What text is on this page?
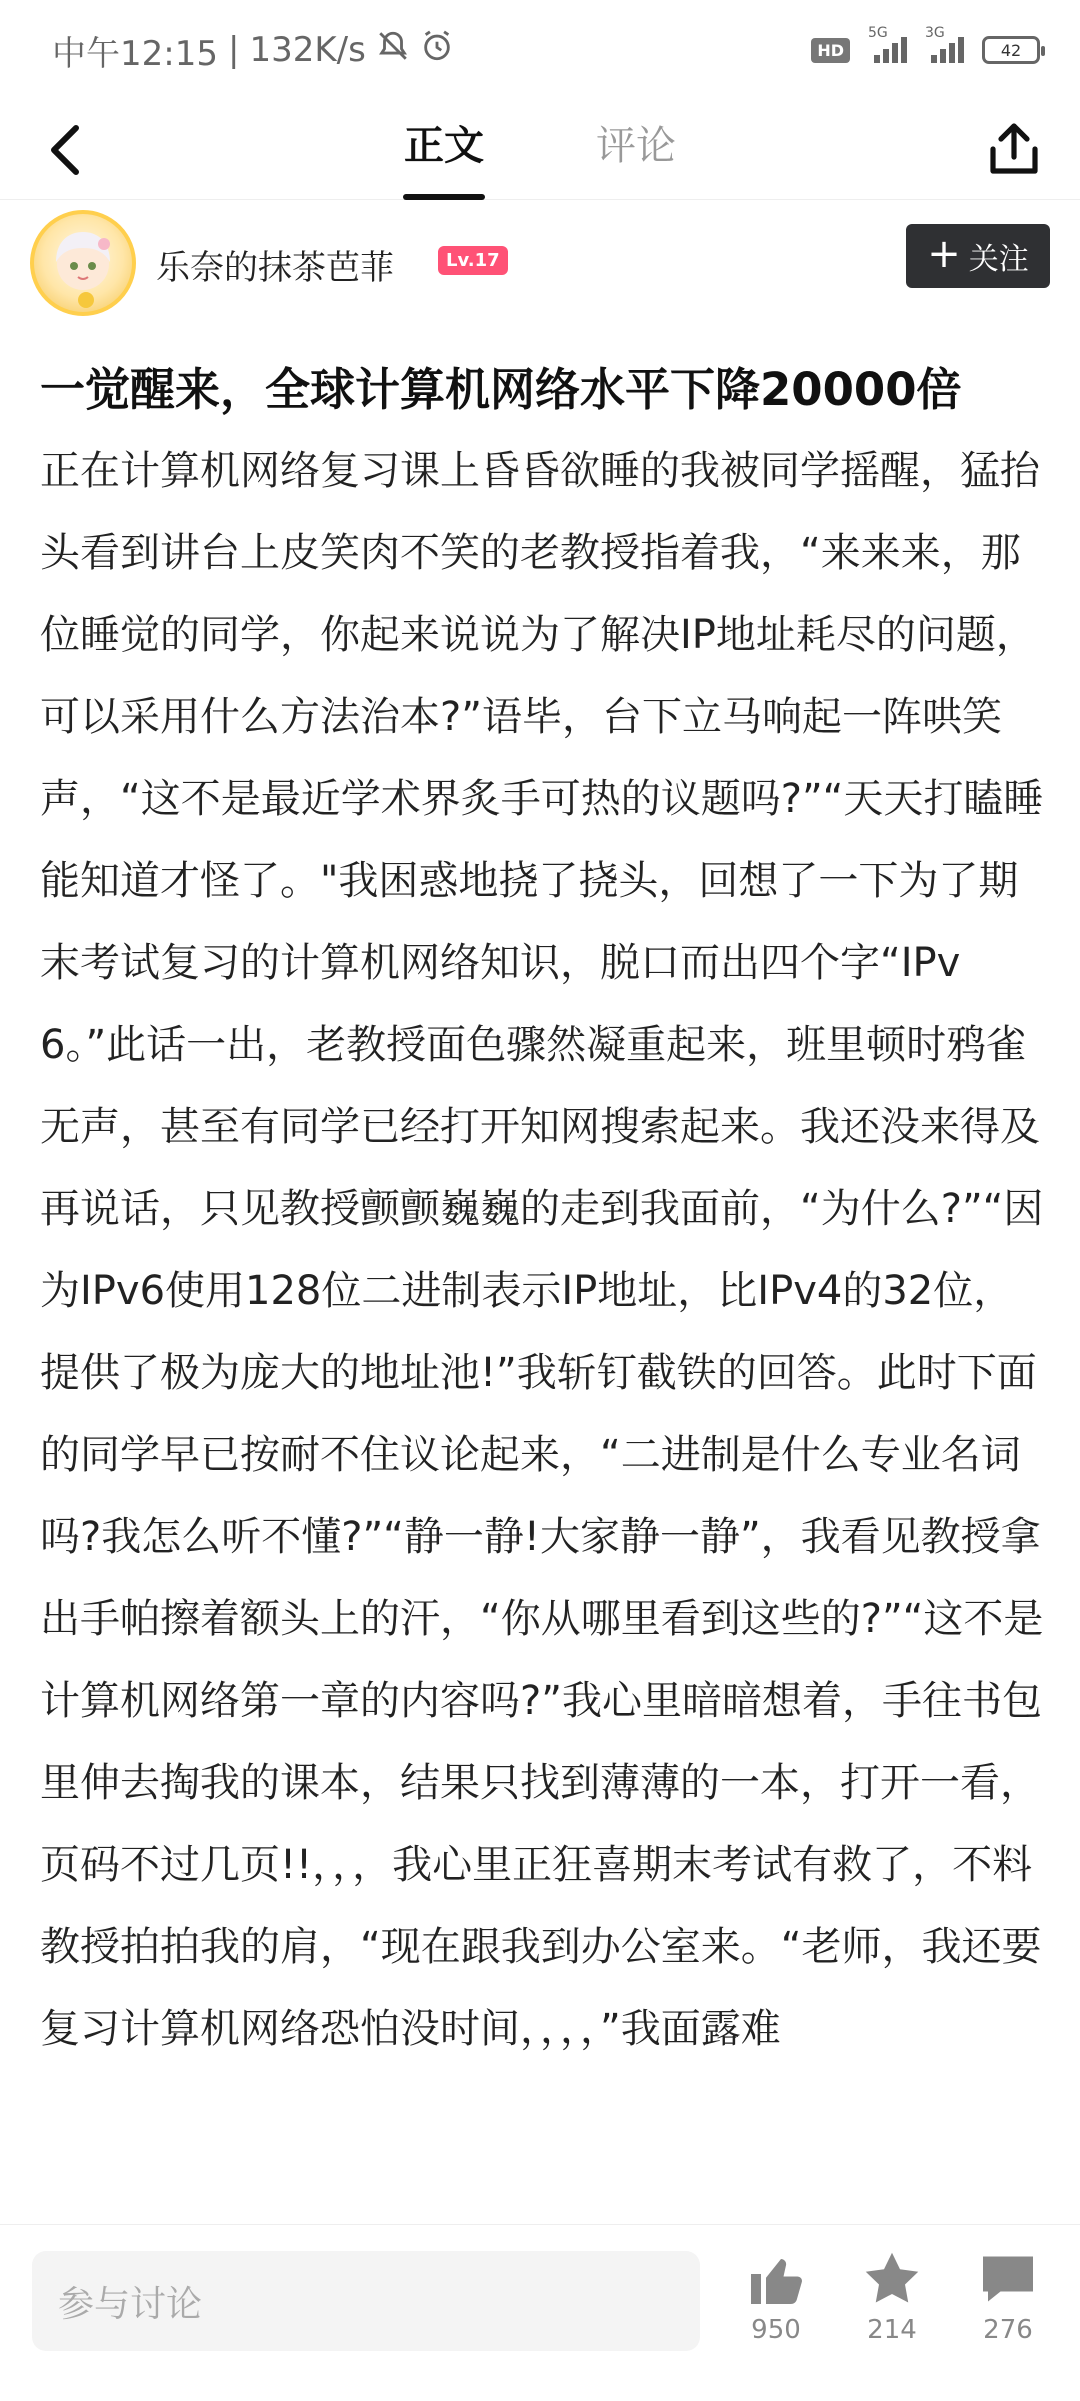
中午12:15 | 132K/s	HD
5G	3G
42
正文	评论
乐奈的抹茶芭菲	Lv.17	+ 关注
一觉醒来，全球计算机网络水平下降20000倍
正在计算机网络复习课上昏昏欲睡的我被同学摇醒，猛抬头看到讲台上皮笑肉不笑的老教授指着我，“来来来，那位睡觉的同学，你起来说说为了解决IP地址耗尽的问题，可以采用什么方法治本?”语毕，台下立马响起一阵哄笑声，“这不是最近学术界炙手可热的议题吗?”“天天打瞌睡能知道才怪了。"我困惑地挠了挠头，回想了一下为了期末考试复习的计算机网络知识，脱口而出四个字“IPv6。”此话一出，老教授面色骤然凝重起来，班里顿时鸦雀无声，甚至有同学已经打开知网搜索起来。我还没来得及再说话，只见教授颤颤巍巍的走到我面前，“为什么?”“因为IPv6使用128位二进制表示IP地址，比IPv4的32位，提供了极为庞大的地址池!”我斩钉截铁的回答。此时下面的同学早已按耐不住议论起来，“二进制是什么专业名词吗?我怎么听不懂?”“静一静!大家静一静”，我看见教授拿出手帕擦着额头上的汗，“你从哪里看到这些的?”“这不是计算机网络第一章的内容吗?”我心里暗暗想着，手往书包里伸去掏我的课本，结果只找到薄薄的一本，打开一看，页码不过几页!!，，，我心里正狂喜期末考试有救了，不料教授拍拍我的肩，“现在跟我到办公室来。“老师，我还要复习计算机网络恐怕没时间，，，，”我面露难
参与讨论
950	214	276
